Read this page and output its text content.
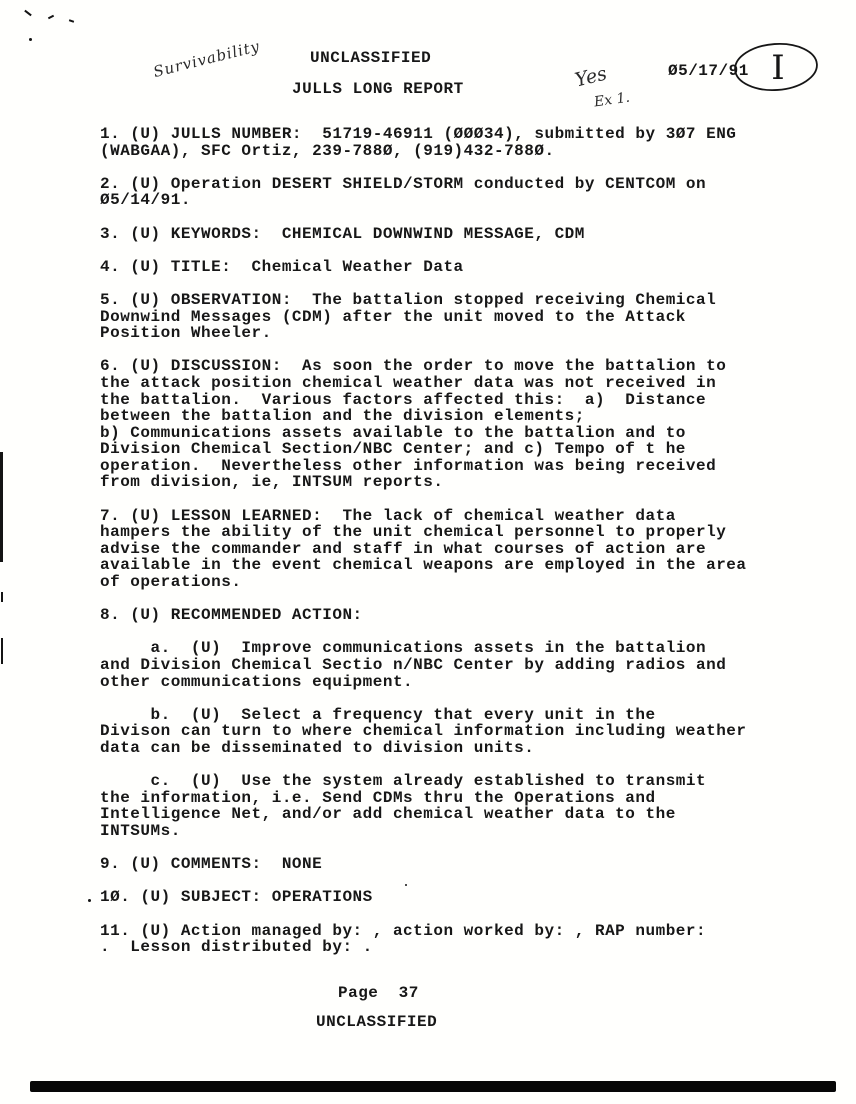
UNCLASSIFIED
JULLS LONG REPORT
Ø5/17/91
Survivability	Yes
Ex 1.
I

1. (U) JULLS NUMBER:  51719-46911 (ØØØ34), submitted by 3Ø7 ENG
(WABGAA), SFC Ortiz, 239-788Ø, (919)432-788Ø.

2. (U) Operation DESERT SHIELD/STORM conducted by CENTCOM on
Ø5/14/91.

3. (U) KEYWORDS:  CHEMICAL DOWNWIND MESSAGE, CDM

4. (U) TITLE:  Chemical Weather Data

5. (U) OBSERVATION:  The battalion stopped receiving Chemical
Downwind Messages (CDM) after the unit moved to the Attack
Position Wheeler.

6. (U) DISCUSSION:  As soon the order to move the battalion to
the attack position chemical weather data was not received in
the battalion.  Various factors affected this:  a)  Distance
between the battalion and the division elements;
b) Communications assets available to the battalion and to
Division Chemical Section/NBC Center; and c) Tempo of t he
operation.  Nevertheless other information was being received
from division, ie, INTSUM reports.

7. (U) LESSON LEARNED:  The lack of chemical weather data
hampers the ability of the unit chemical personnel to properly
advise the commander and staff in what courses of action are
available in the event chemical weapons are employed in the area
of operations.

8. (U) RECOMMENDED ACTION:

a.  (U)  Improve communications assets in the battalion
and Division Chemical Sectio n/NBC Center by adding radios and
other communications equipment.

b.  (U)  Select a frequency that every unit in the
Divison can turn to where chemical information including weather
data can be disseminated to division units.

c.  (U)  Use the system already established to transmit
the information, i.e. Send CDMs thru the Operations and
Intelligence Net, and/or add chemical weather data to the
INTSUMs.

9. (U) COMMENTS:  NONE

1Ø. (U) SUBJECT: OPERATIONS

11. (U) Action managed by: , action worked by: , RAP number:
.  Lesson distributed by: .

Page  37
UNCLASSIFIED
